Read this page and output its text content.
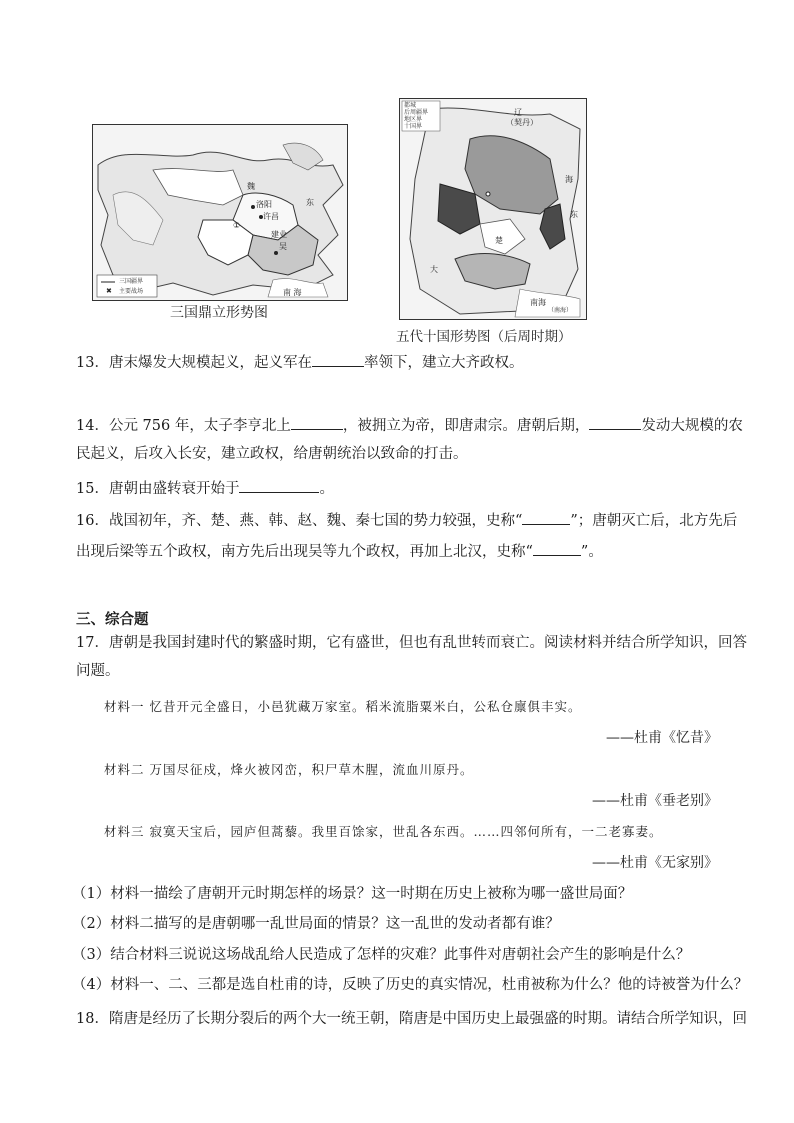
✖
魏
洛阳
许昌
①
吴
建业
东
南 海
三国疆界
主要战场
三国鼎立形势图
辽
（契丹）
海
东
楚
大
南海
（南海）
都城
后周疆界
地区界
十国界
五代十国形势图（后周时期）
13．唐末爆发大规模起义，起义军在	率领下，建立大齐政权。
14．公元 756 年，太子李亨北上	，被拥立为帝，即唐肃宗。唐朝后期，	发动大规模的农
民起义，后攻入长安，建立政权，给唐朝统治以致命的打击。
15．唐朝由盛转衰开始于	。
16．战国初年，齐、楚、燕、韩、赵、魏、秦七国的势力较强，史称“	”；唐朝灭亡后，北方先后
出现后梁等五个政权，南方先后出现吴等九个政权，再加上北汉，史称“	”。
三、综合题
17．唐朝是我国封建时代的繁盛时期，它有盛世，但也有乱世转而衰亡。阅读材料并结合所学知识，回答
问题。
材料一 忆昔开元全盛日，小邑犹藏万家室。稻米流脂粟米白，公私仓廪俱丰实。
——杜甫《忆昔》
材料二 万国尽征戍，烽火被冈峦，积尸草木腥，流血川原丹。
——杜甫《垂老别》
材料三 寂寞天宝后，园庐但蒿藜。我里百馀家，世乱各东西。……四邻何所有，一二老寡妻。
——杜甫《无家别》
（1）材料一描绘了唐朝开元时期怎样的场景？这一时期在历史上被称为哪一盛世局面？
（2）材料二描写的是唐朝哪一乱世局面的情景？这一乱世的发动者都有谁？
（3）结合材料三说说这场战乱给人民造成了怎样的灾难？此事件对唐朝社会产生的影响是什么？
（4）材料一、二、三都是选自杜甫的诗，反映了历史的真实情况，杜甫被称为什么？他的诗被誉为什么？
18．隋唐是经历了长期分裂后的两个大一统王朝，隋唐是中国历史上最强盛的时期。请结合所学知识，回
